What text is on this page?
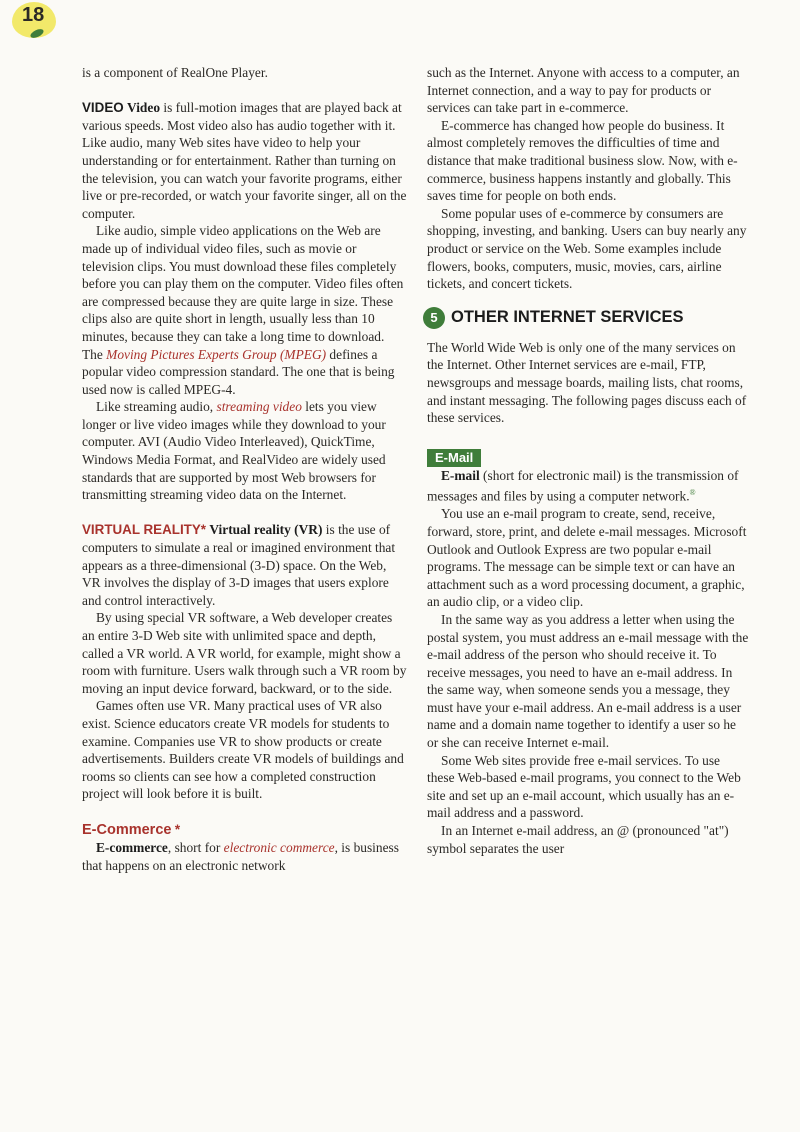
18

is a component of RealOne Player.

VIDEO Video is full-motion images that are played back at various speeds. Most video also has audio together with it. Like audio, many Web sites have video to help your understanding or for entertainment. Rather than turning on the television, you can watch your favorite programs, either live or pre-recorded, or watch your favorite singer, all on the computer.

Like audio, simple video applications on the Web are made up of individual video files, such as movie or television clips. You must download these files completely before you can play them on the computer. Video files often are compressed because they are quite large in size. These clips also are quite short in length, usually less than 10 minutes, because they can take a long time to download. The Moving Pictures Experts Group (MPEG) defines a popular video compression standard. The one that is being used now is called MPEG-4.

Like streaming audio, streaming video lets you view longer or live video images while they download to your computer. AVI (Audio Video Interleaved), QuickTime, Windows Media Format, and RealVideo are widely used standards that are supported by most Web browsers for transmitting streaming video data on the Internet.

VIRTUAL REALITY* Virtual reality (VR) is the use of computers to simulate a real or imagined environment that appears as a three-dimensional (3-D) space. On the Web, VR involves the display of 3-D images that users explore and control interactively.

By using special VR software, a Web developer creates an entire 3-D Web site with unlimited space and depth, called a VR world. A VR world, for example, might show a room with furniture. Users walk through such a VR room by moving an input device forward, backward, or to the side.

Games often use VR. Many practical uses of VR also exist. Science educators create VR models for students to examine. Companies use VR to show products or create advertisements. Builders create VR models of buildings and rooms so clients can see how a completed construction project will look before it is built.

E-Commerce *

E-commerce, short for electronic commerce, is business that happens on an electronic network

such as the Internet. Anyone with access to a computer, an Internet connection, and a way to pay for products or services can take part in e-commerce.

E-commerce has changed how people do business. It almost completely removes the difficulties of time and distance that make traditional business slow. Now, with e-commerce, business happens instantly and globally. This saves time for people on both ends.

Some popular uses of e-commerce by consumers are shopping, investing, and banking. Users can buy nearly any product or service on the Web. Some examples include flowers, books, computers, music, movies, cars, airline tickets, and concert tickets.

5 OTHER INTERNET SERVICES

The World Wide Web is only one of the many services on the Internet. Other Internet services are e-mail, FTP, newsgroups and message boards, mailing lists, chat rooms, and instant messaging. The following pages discuss each of these services.

E-Mail

E-mail (short for electronic mail) is the transmission of messages and files by using a computer network.®

You use an e-mail program to create, send, receive, forward, store, print, and delete e-mail messages. Microsoft Outlook and Outlook Express are two popular e-mail programs. The message can be simple text or can have an attachment such as a word processing document, a graphic, an audio clip, or a video clip.

In the same way as you address a letter when using the postal system, you must address an e-mail message with the e-mail address of the person who should receive it. To receive messages, you need to have an e-mail address. In the same way, when someone sends you a message, they must have your e-mail address. An e-mail address is a user name and a domain name together to identify a user so he or she can receive Internet e-mail.

Some Web sites provide free e-mail services. To use these Web-based e-mail programs, you connect to the Web site and set up an e-mail account, which usually has an e-mail address and a password.

In an Internet e-mail address, an @ (pronounced "at") symbol separates the user
